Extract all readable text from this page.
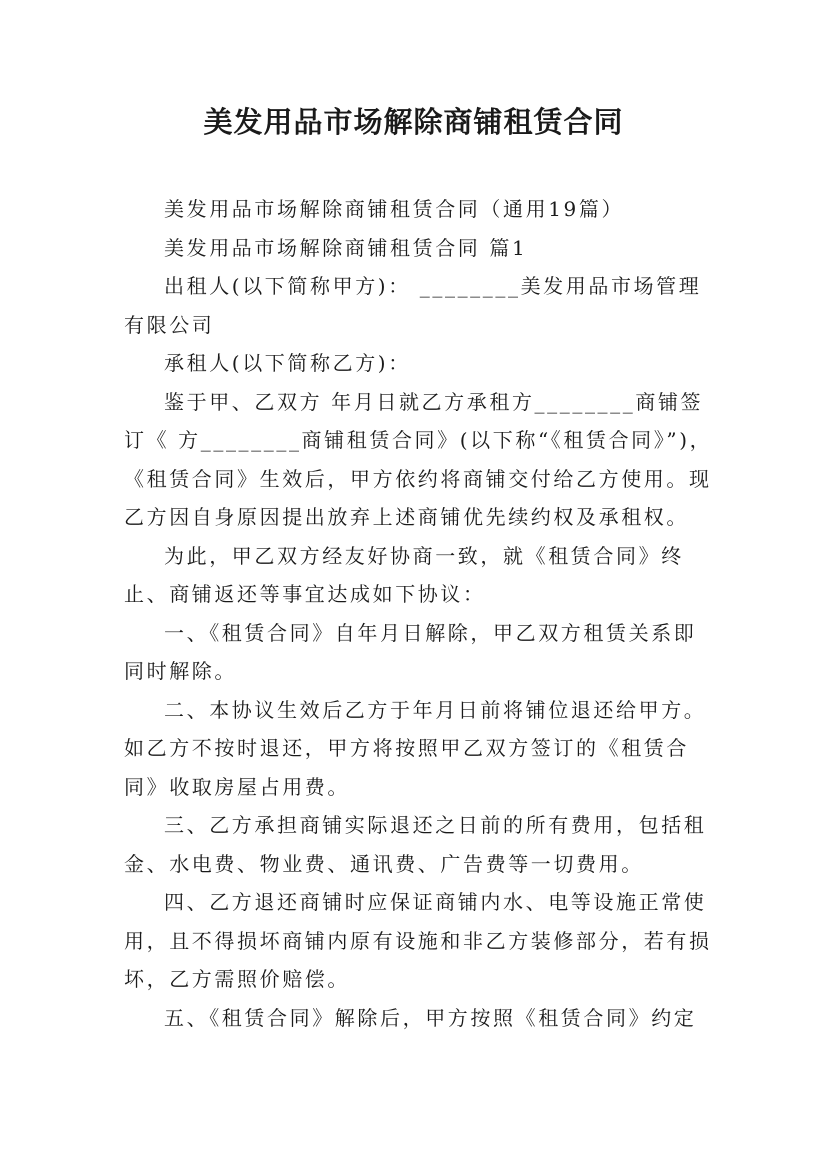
美发用品市场解除商铺租赁合同

美发用品市场解除商铺租赁合同（通用19篇）

美发用品市场解除商铺租赁合同 篇1

出租人(以下简称甲方)： ________美发用品市场管理有限公司

承租人(以下简称乙方)：

鉴于甲、乙双方 年月日就乙方承租方________商铺签订《 方________商铺租赁合同》(以下称“《租赁合同》”)，《租赁合同》生效后，甲方依约将商铺交付给乙方使用。现乙方因自身原因提出放弃上述商铺优先续约权及承租权。

为此，甲乙双方经友好协商一致，就《租赁合同》终止、商铺返还等事宜达成如下协议：

一、《租赁合同》自年月日解除，甲乙双方租赁关系即同时解除。

二、本协议生效后乙方于年月日前将铺位退还给甲方。如乙方不按时退还，甲方将按照甲乙双方签订的《租赁合同》收取房屋占用费。

三、乙方承担商铺实际退还之日前的所有费用，包括租金、水电费、物业费、通讯费、广告费等一切费用。

四、乙方退还商铺时应保证商铺内水、电等设施正常使用，且不得损坏商铺内原有设施和非乙方装修部分，若有损坏，乙方需照价赔偿。

五、《租赁合同》解除后，甲方按照《租赁合同》约定
